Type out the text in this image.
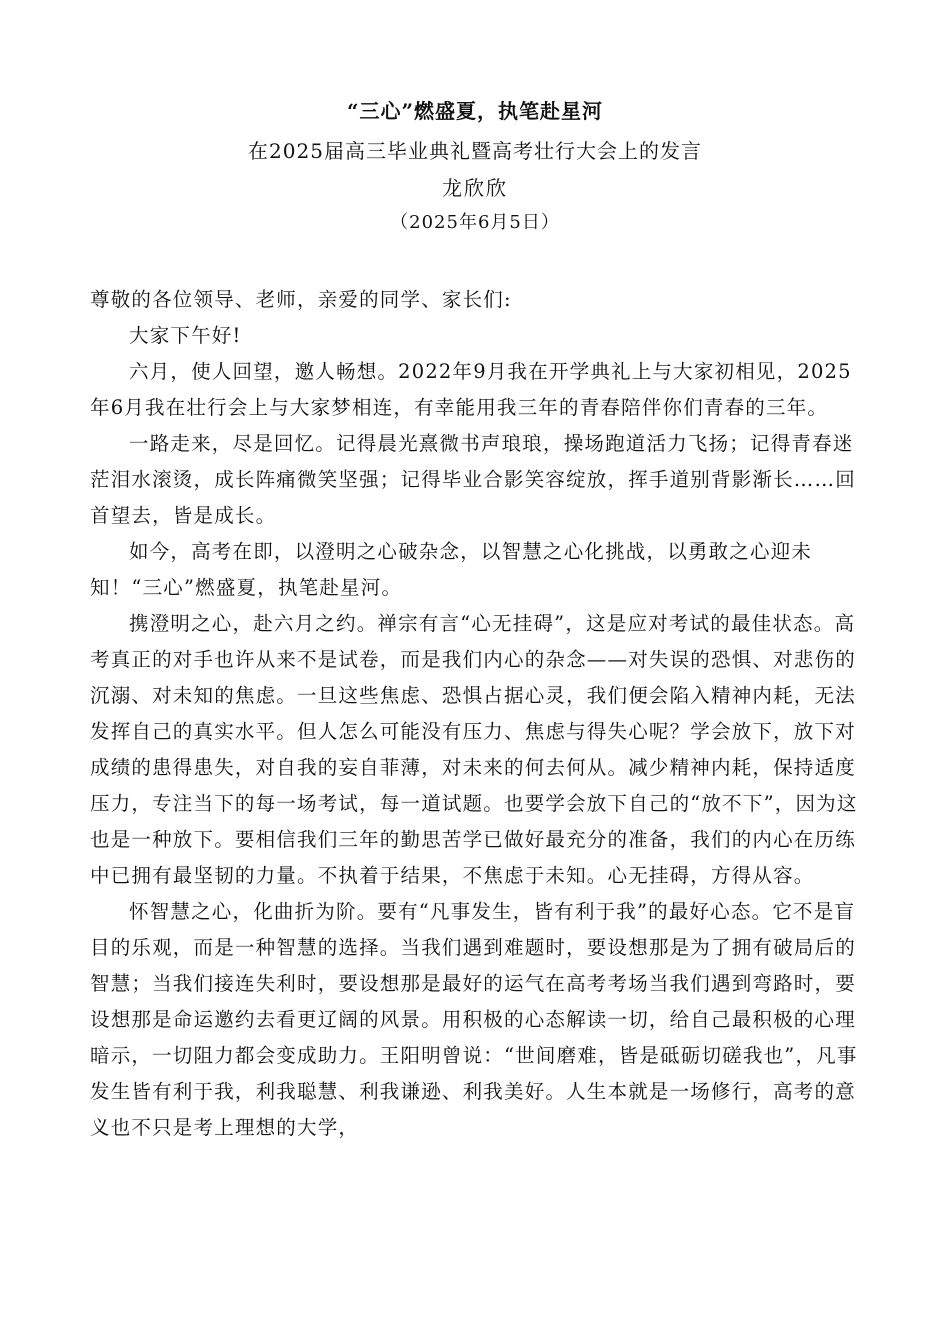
“三心”燃盛夏，执笔赴星河
在2025届高三毕业典礼暨高考壮行大会上的发言
龙欣欣
（2025年6月5日）

尊敬的各位领导、老师，亲爱的同学、家长们:

大家下午好!

六月，使人回望，邀人畅想。2022年9月我在开学典礼上与大家初相见，2025年6月我在壮行会上与大家梦相连，有幸能用我三年的青春陪伴你们青春的三年。

一路走来，尽是回忆。记得晨光熹微书声琅琅，操场跑道活力飞扬；记得青春迷茫泪水滚烫，成长阵痛微笑坚强；记得毕业合影笑容绽放，挥手道别背影渐长……回首望去，皆是成长。

如今，高考在即，以澄明之心破杂念，以智慧之心化挑战，以勇敢之心迎未知！“三心”燃盛夏，执笔赴星河。

携澄明之心，赴六月之约。禅宗有言“心无挂碍”，这是应对考试的最佳状态。高考真正的对手也许从来不是试卷，而是我们内心的杂念——对失误的恐惧、对悲伤的沉溺、对未知的焦虑。一旦这些焦虑、恐惧占据心灵，我们便会陷入精神内耗，无法发挥自己的真实水平。但人怎么可能没有压力、焦虑与得失心呢？学会放下，放下对成绩的患得患失，对自我的妄自菲薄，对未来的何去何从。减少精神内耗，保持适度压力，专注当下的每一场考试，每一道试题。也要学会放下自己的“放不下”，因为这也是一种放下。要相信我们三年的勤思苦学已做好最充分的准备，我们的内心在历练中已拥有最坚韧的力量。不执着于结果，不焦虑于未知。心无挂碍，方得从容。

怀智慧之心，化曲折为阶。要有“凡事发生，皆有利于我”的最好心态。它不是盲目的乐观，而是一种智慧的选择。当我们遇到难题时，要设想那是为了拥有破局后的智慧；当我们接连失利时，要设想那是最好的运气在高考考场当我们遇到弯路时，要设想那是命运邀约去看更辽阔的风景。用积极的心态解读一切，给自己最积极的心理暗示，一切阻力都会变成助力。王阳明曾说：“世间磨难，皆是砥砺切磋我也”，凡事发生皆有利于我，利我聪慧、利我谦逊、利我美好。人生本就是一场修行，高考的意义也不只是考上理想的大学，
